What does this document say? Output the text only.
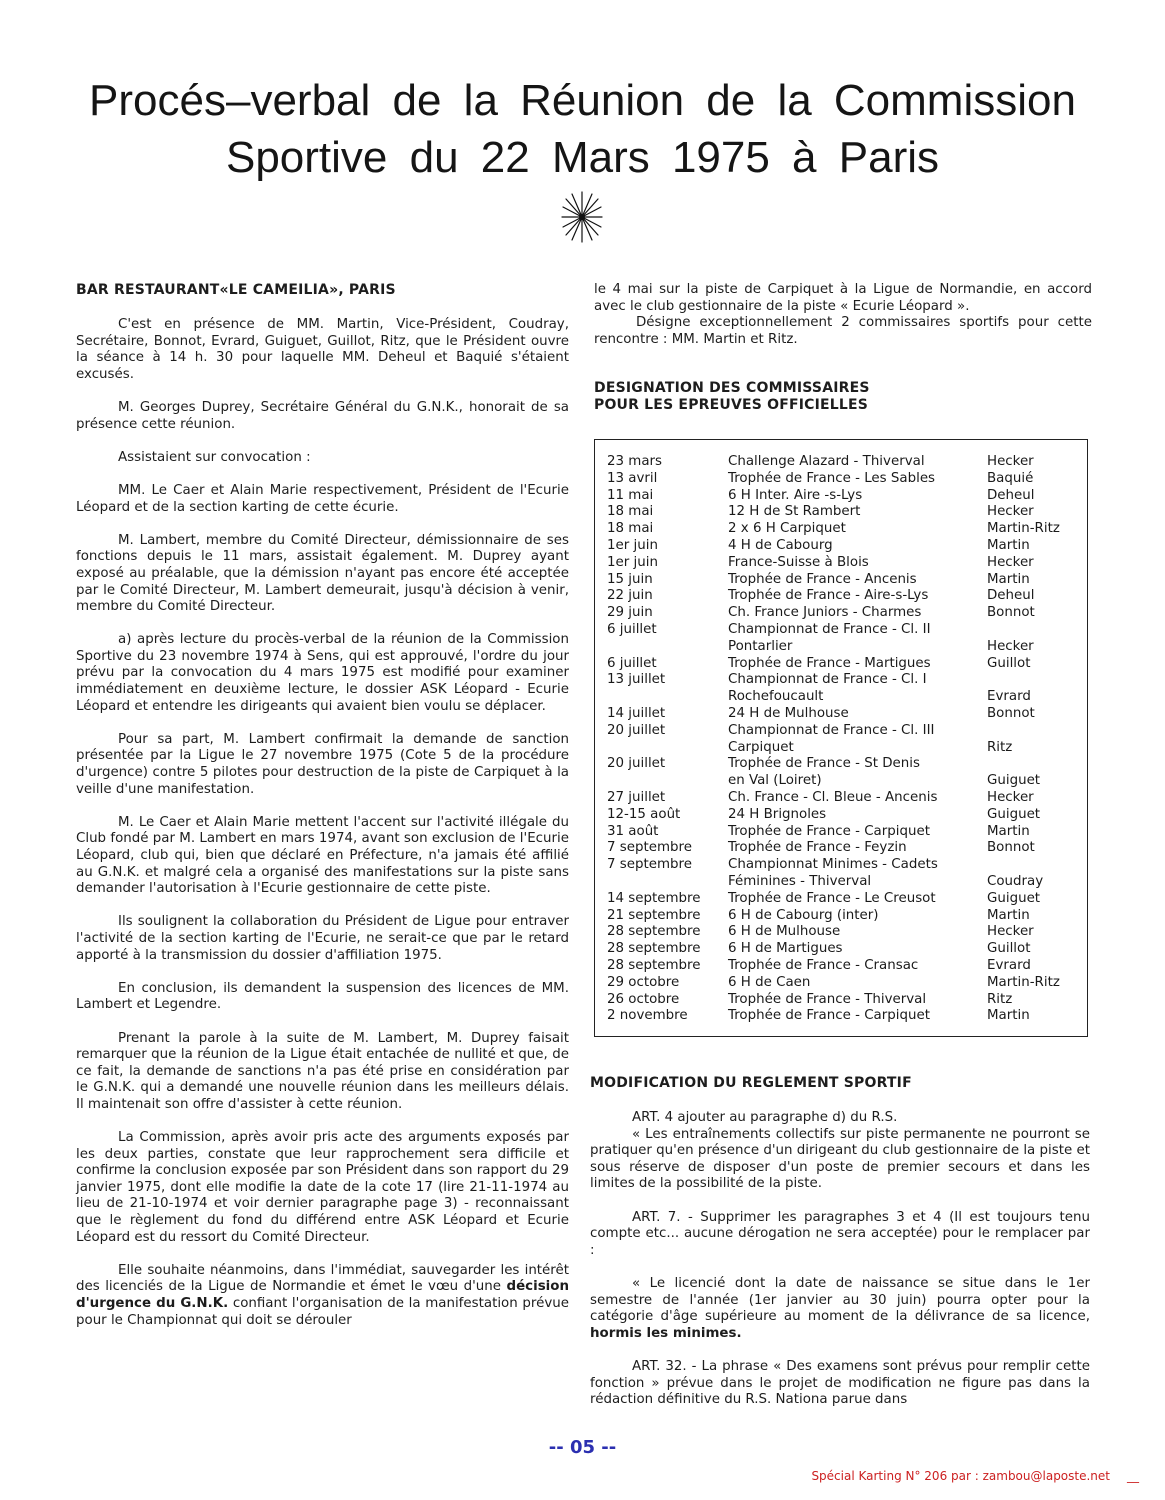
Procés–verbal de la Réunion de la Commission
Sportive du 22 Mars 1975 à Paris

BAR RESTAURANT«LE CAMEILIA», PARIS

C'est en présence de MM. Martin, Vice-Président, Coudray, Secrétaire, Bonnot, Evrard, Guiguet, Guillot, Ritz, que le Président ouvre la séance à 14 h. 30 pour laquelle MM. Deheul et Baquié s'étaient excusés.

M. Georges Duprey, Secrétaire Général du G.N.K., honorait de sa présence cette réunion.

Assistaient sur convocation :

MM. Le Caer et Alain Marie respectivement, Président de l'Ecurie Léopard et de la section karting de cette écurie.

M. Lambert, membre du Comité Directeur, démissionnaire de ses fonctions depuis le 11 mars, assistait également. M. Duprey ayant exposé au préalable, que la démission n'ayant pas encore été acceptée par le Comité Directeur, M. Lambert demeurait, jusqu'à décision à venir, membre du Comité Directeur.

a) après lecture du procès-verbal de la réunion de la Commission Sportive du 23 novembre 1974 à Sens, qui est approuvé, l'ordre du jour prévu par la convocation du 4 mars 1975 est modifié pour examiner immédiatement en deuxième lecture, le dossier ASK Léopard - Ecurie Léopard et entendre les dirigeants qui avaient bien voulu se déplacer.

Pour sa part, M. Lambert confirmait la demande de sanction présentée par la Ligue le 27 novembre 1975 (Cote 5 de la procédure d'urgence) contre 5 pilotes pour destruction de la piste de Carpiquet à la veille d'une manifestation.

M. Le Caer et Alain Marie mettent l'accent sur l'activité illégale du Club fondé par M. Lambert en mars 1974, avant son exclusion de l'Ecurie Léopard, club qui, bien que déclaré en Préfecture, n'a jamais été affilié au G.N.K. et malgré cela a organisé des manifestations sur la piste sans demander l'autorisation à l'Ecurie gestionnaire de cette piste.

Ils soulignent la collaboration du Président de Ligue pour entraver l'activité de la section karting de l'Ecurie, ne serait-ce que par le retard apporté à la transmission du dossier d'affiliation 1975.

En conclusion, ils demandent la suspension des licences de MM. Lambert et Legendre.

Prenant la parole à la suite de M. Lambert, M. Duprey faisait remarquer que la réunion de la Ligue était entachée de nullité et que, de ce fait, la demande de sanctions n'a pas été prise en considération par le G.N.K. qui a demandé une nouvelle réunion dans les meilleurs délais. Il maintenait son offre d'assister à cette réunion.

La Commission, après avoir pris acte des arguments exposés par les deux parties, constate que leur rapprochement sera difficile et confirme la conclusion exposée par son Président dans son rapport du 29 janvier 1975, dont elle modifie la date de la cote 17 (lire 21-11-1974 au lieu de 21-10-1974 et voir dernier paragraphe page 3) - reconnaissant que le règlement du fond du différend entre ASK Léopard et Ecurie Léopard est du ressort du Comité Directeur.

Elle souhaite néanmoins, dans l'immédiat, sauvegarder les intérêt des licenciés de la Ligue de Normandie et émet le vœu d'une décision d'urgence du G.N.K. confiant l'organisation de la manifestation prévue pour le Championnat qui doit se dérouler

le 4 mai sur la piste de Carpiquet à la Ligue de Normandie, en accord avec le club gestionnaire de la piste « Ecurie Léopard ».

Désigne exceptionnellement 2 commissaires sportifs pour cette rencontre : MM. Martin et Ritz.

DESIGNATION DES COMMISSAIRES
POUR LES EPREUVES OFFICIELLES

23 mars	Challenge Alazard - Thiverval	Hecker
13 avril	Trophée de France - Les Sables	Baquié
11 mai	6 H Inter. Aire -s-Lys	Deheul
18 mai	12 H de St Rambert	Hecker
18 mai	2 x 6 H Carpiquet	Martin-Ritz
1er juin	4 H de Cabourg	Martin
1er juin	France-Suisse à Blois	Hecker
15 juin	Trophée de France - Ancenis	Martin
22 juin	Trophée de France - Aire-s-Lys	Deheul
29 juin	Ch. France Juniors - Charmes	Bonnot
6 juillet	Championnat de France - Cl. II
Pontarlier	Hecker
6 juillet	Trophée de France - Martigues	Guillot
13 juillet	Championnat de France - Cl. I
Rochefoucault	Evrard
14 juillet	24 H de Mulhouse	Bonnot
20 juillet	Championnat de France - Cl. III
Carpiquet	Ritz
20 juillet	Trophée de France - St Denis
en Val (Loiret)	Guiguet
27 juillet	Ch. France - Cl. Bleue - Ancenis	Hecker
12-15 août	24 H Brignoles	Guiguet
31 août	Trophée de France - Carpiquet	Martin
7 septembre	Trophée de France - Feyzin	Bonnot
7 septembre	Championnat Minimes - Cadets
Féminines - Thiverval	Coudray
14 septembre	Trophée de France - Le Creusot	Guiguet
21 septembre	6 H de Cabourg (inter)	Martin
28 septembre	6 H de Mulhouse	Hecker
28 septembre	6 H de Martigues	Guillot
28 septembre	Trophée de France - Cransac	Evrard
29 octobre	6 H de Caen	Martin-Ritz
26 octobre	Trophée de France - Thiverval	Ritz
2 novembre	Trophée de France - Carpiquet	Martin

MODIFICATION DU REGLEMENT SPORTIF

ART. 4 ajouter au paragraphe d) du R.S.

« Les entraînements collectifs sur piste permanente ne pourront se pratiquer qu'en présence d'un dirigeant du club gestionnaire de la piste et sous réserve de disposer d'un poste de premier secours et dans les limites de la possibilité de la piste.

ART. 7. - Supprimer les paragraphes 3 et 4 (Il est toujours tenu compte etc... aucune dérogation ne sera acceptée) pour le remplacer par :

« Le licencié dont la date de naissance se situe dans le 1er semestre de l'année (1er janvier au 30 juin) pourra opter pour la catégorie d'âge supérieure au moment de la délivrance de sa licence, hormis les minimes.

ART. 32. - La phrase « Des examens sont prévus pour remplir cette fonction » prévue dans le projet de modification ne figure pas dans la rédaction définitive du R.S. Nationa parue dans

-- 05 --
Spécial Karting N° 206 par : zambou@laposte.net __
